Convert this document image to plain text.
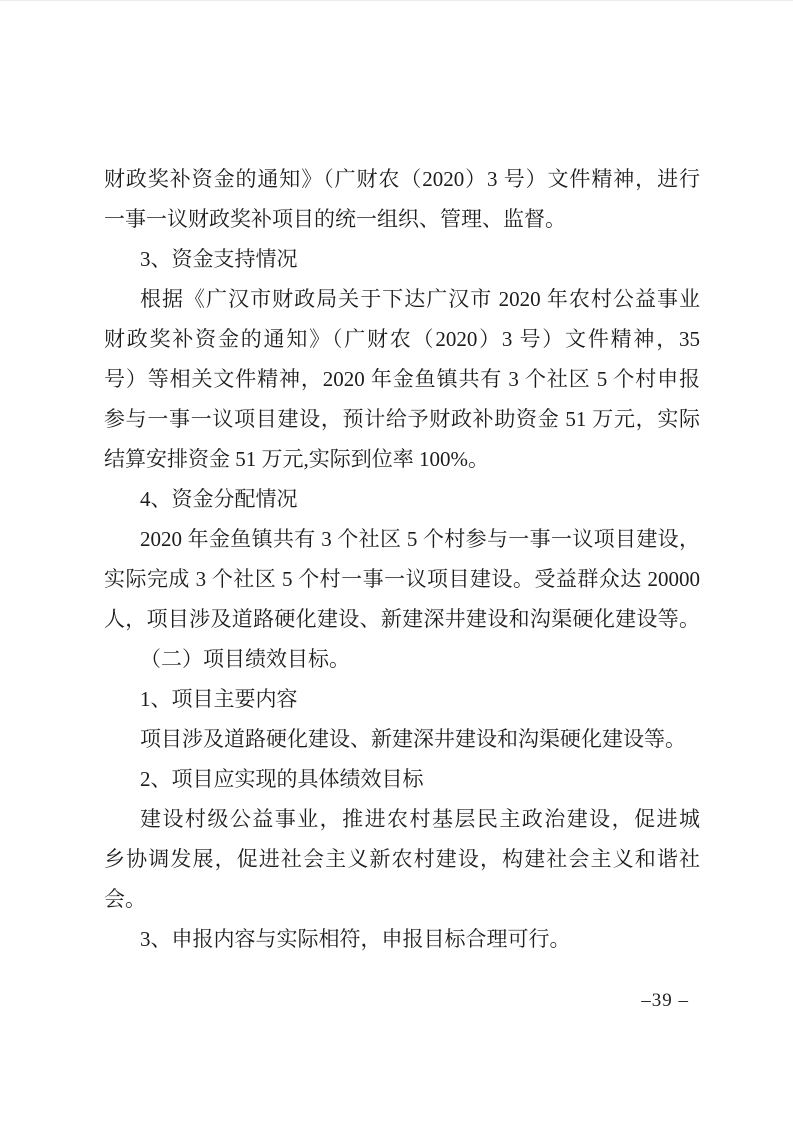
财政奖补资金的通知》（广财农（2020）3 号）文件精神，进行
一事一议财政奖补项目的统一组织、管理、监督。
3、资金支持情况
根据《广汉市财政局关于下达广汉市 2020 年农村公益事业
财政奖补资金的通知》（广财农（2020）3 号）文件精神，35
号）等相关文件精神，2020 年金鱼镇共有 3 个社区 5 个村申报
参与一事一议项目建设，预计给予财政补助资金 51 万元，实际
结算安排资金 51 万元,实际到位率 100%。
4、资金分配情况
2020 年金鱼镇共有 3 个社区 5 个村参与一事一议项目建设，
实际完成 3 个社区 5 个村一事一议项目建设。受益群众达 20000
人，项目涉及道路硬化建设、新建深井建设和沟渠硬化建设等。
（二）项目绩效目标。
1、项目主要内容
项目涉及道路硬化建设、新建深井建设和沟渠硬化建设等。
2、项目应实现的具体绩效目标
建设村级公益事业，推进农村基层民主政治建设，促进城
乡协调发展，促进社会主义新农村建设，构建社会主义和谐社
会。
3、申报内容与实际相符，申报目标合理可行。
–39 –
